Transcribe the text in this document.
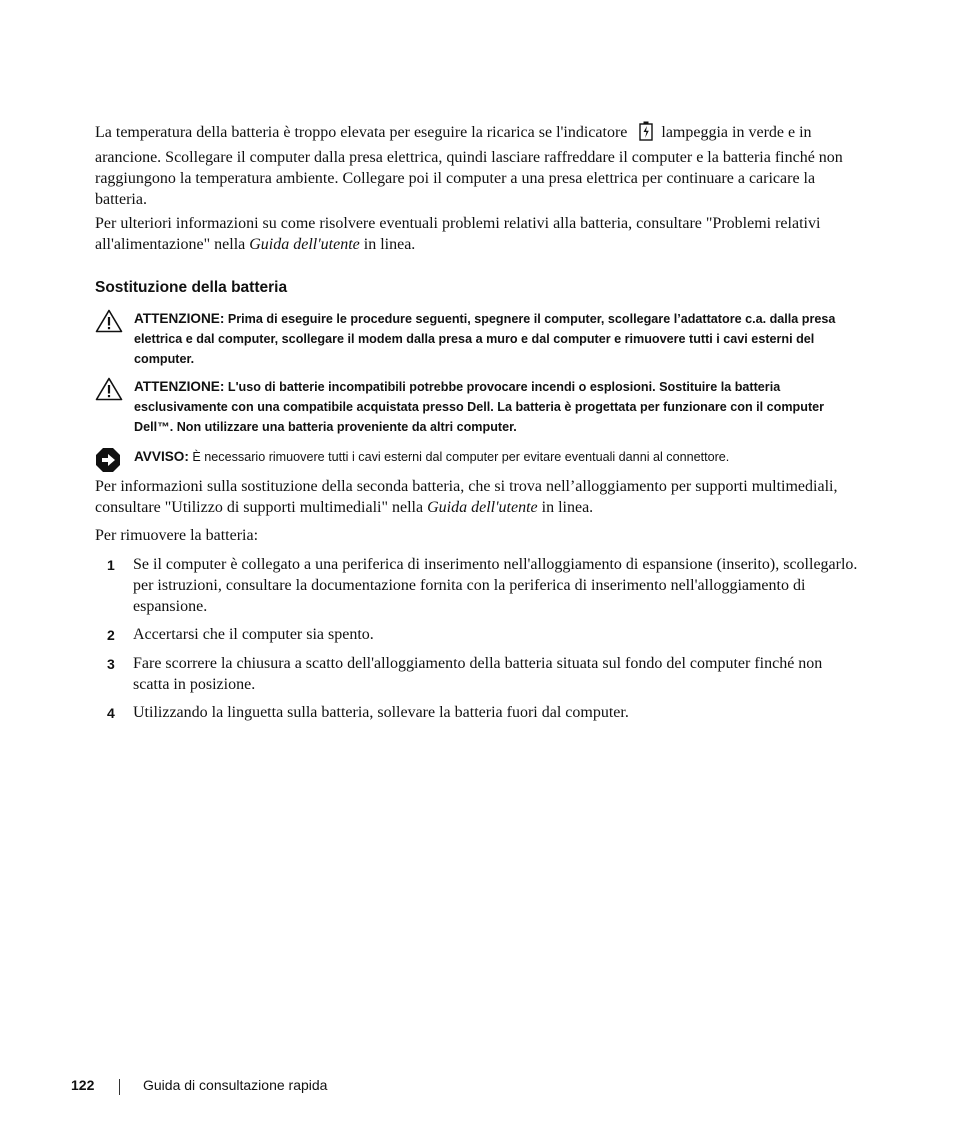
La temperatura della batteria è troppo elevata per eseguire la ricarica se l'indicatore lampeggia in verde e in arancione. Scollegare il computer dalla presa elettrica, quindi lasciare raffreddare il computer e la batteria finché non raggiungono la temperatura ambiente. Collegare poi il computer a una presa elettrica per continuare a caricare la batteria.

Per ulteriori informazioni su come risolvere eventuali problemi relativi alla batteria, consultare "Problemi relativi all'alimentazione" nella Guida dell'utente in linea.

Sostituzione della batteria
ATTENZIONE: Prima di eseguire le procedure seguenti, spegnere il computer, scollegare l’adattatore c.a. dalla presa elettrica e dal computer, scollegare il modem dalla presa a muro e dal computer e rimuovere tutti i cavi esterni del computer.
ATTENZIONE: L'uso di batterie incompatibili potrebbe provocare incendi o esplosioni. Sostituire la batteria esclusivamente con una compatibile acquistata presso Dell. La batteria è progettata per funzionare con il computer Dell™. Non utilizzare una batteria proveniente da altri computer.
AVVISO: È necessario rimuovere tutti i cavi esterni dal computer per evitare eventuali danni al connettore.

Per informazioni sulla sostituzione della seconda batteria, che si trova nell’alloggiamento per supporti multimediali, consultare "Utilizzo di supporti multimediali" nella Guida dell'utente in linea.

Per rimuovere la batteria:

1 Se il computer è collegato a una periferica di inserimento nell'alloggiamento di espansione (inserito), scollegarlo. per istruzioni, consultare la documentazione fornita con la periferica di inserimento nell'alloggiamento di espansione.
2 Accertarsi che il computer sia spento.
3 Fare scorrere la chiusura a scatto dell'alloggiamento della batteria situata sul fondo del computer finché non scatta in posizione.
4 Utilizzando la linguetta sulla batteria, sollevare la batteria fuori dal computer.
122	Guida di consultazione rapida
